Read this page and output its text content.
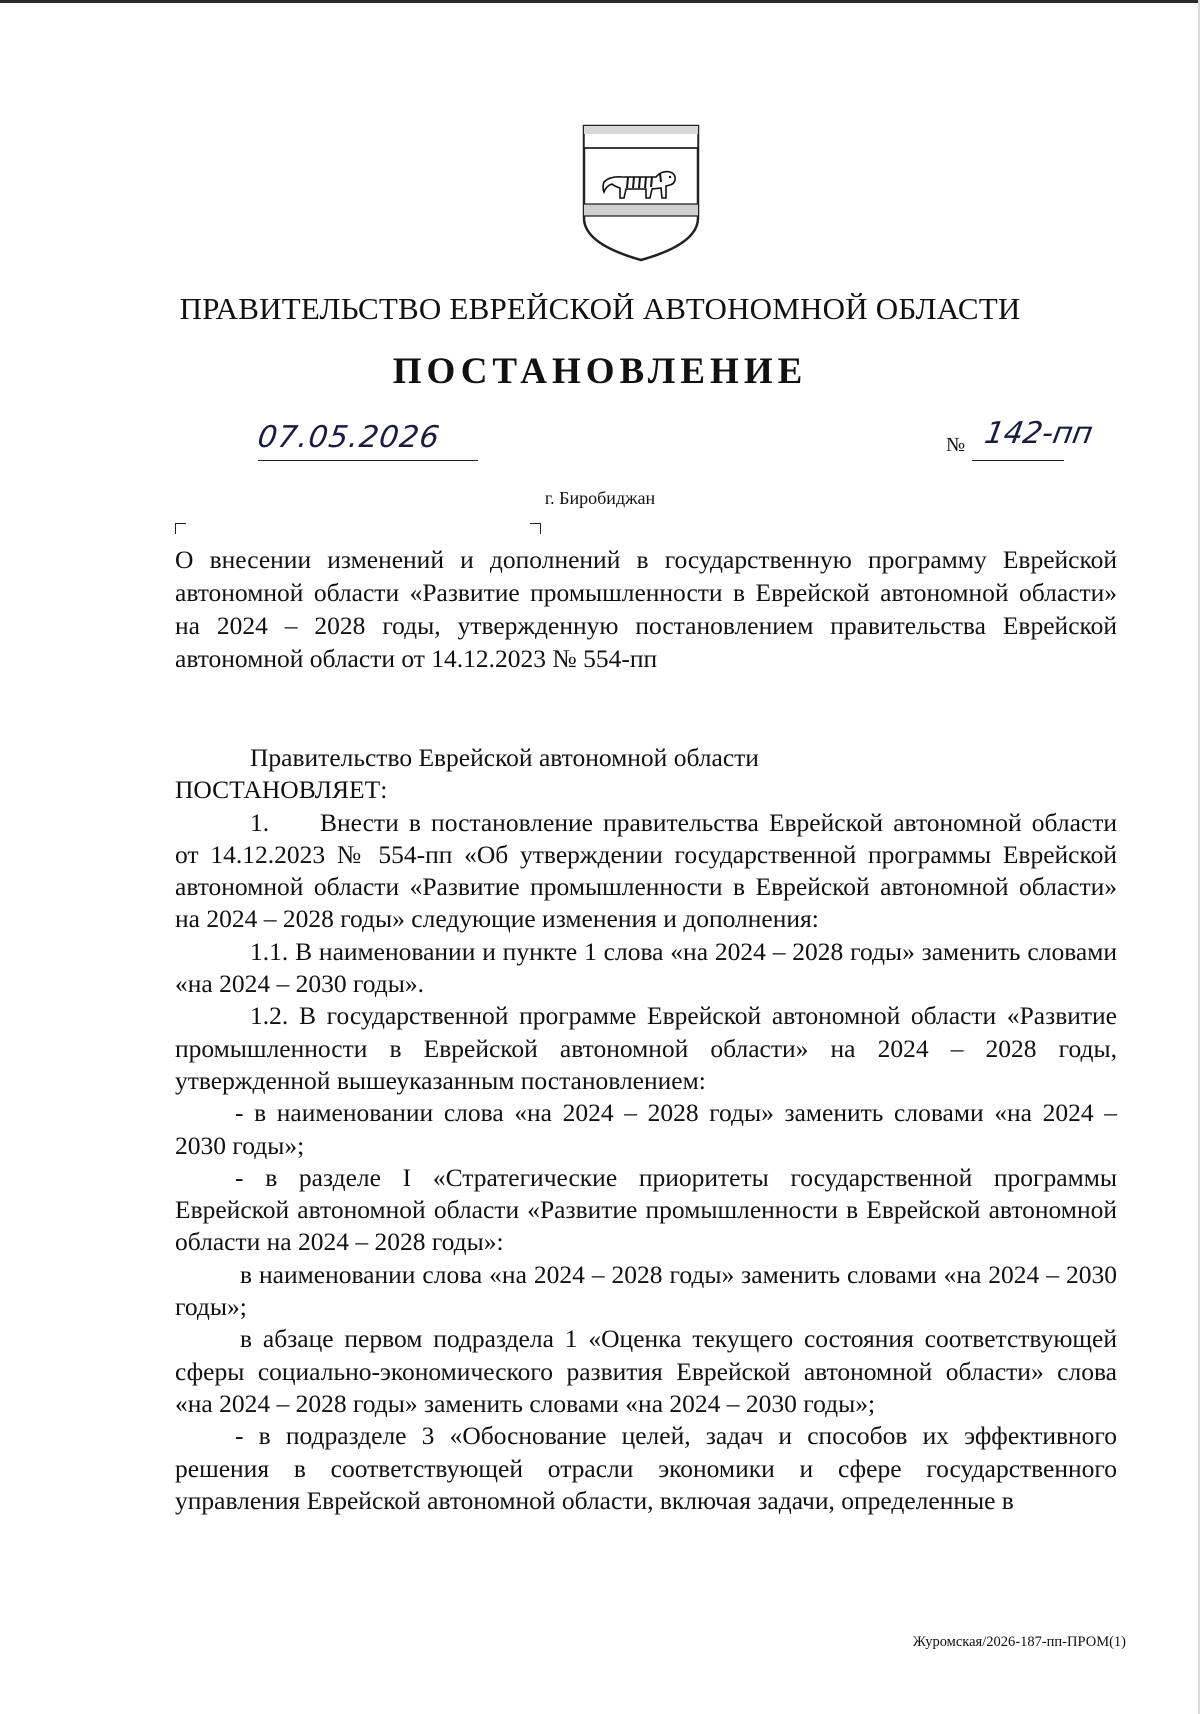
ПРАВИТЕЛЬСТВО ЕВРЕЙСКОЙ АВТОНОМНОЙ ОБЛАСТИ
ПОСТАНОВЛЕНИЕ
07.05.2026	№ 142-пп
г. Биробиджан
О внесении изменений и дополнений в государственную программу Еврейской автономной области «Развитие промышленности в Еврейской автономной области» на 2024 – 2028 годы, утвержденную постановлением правительства Еврейской автономной области от 14.12.2023 № 554-пп

Правительство Еврейской автономной области

ПОСТАНОВЛЯЕТ:

1. Внести в постановление правительства Еврейской автономной области от 14.12.2023 № 554-пп «Об утверждении государственной программы Еврейской автономной области «Развитие промышленности в Еврейской автономной области» на 2024 – 2028 годы» следующие изменения и дополнения:

1.1. В наименовании и пункте 1 слова «на 2024 – 2028 годы» заменить словами «на 2024 – 2030 годы».

1.2. В государственной программе Еврейской автономной области «Развитие промышленности в Еврейской автономной области» на 2024 – 2028 годы, утвержденной вышеуказанным постановлением:

- в наименовании слова «на 2024 – 2028 годы» заменить словами «на 2024 – 2030 годы»;

- в разделе I «Стратегические приоритеты государственной программы Еврейской автономной области «Развитие промышленности в Еврейской автономной области на 2024 – 2028 годы»:

в наименовании слова «на 2024 – 2028 годы» заменить словами «на 2024 – 2030 годы»;

в абзаце первом подраздела 1 «Оценка текущего состояния соответствующей сферы социально-экономического развития Еврейской автономной области» слова «на 2024 – 2028 годы» заменить словами «на 2024 – 2030 годы»;

- в подразделе 3 «Обоснование целей, задач и способов их эффективного решения в соответствующей отрасли экономики и сфере государственного управления Еврейской автономной области, включая задачи, определенные в

Журомская/2026-187-пп-ПРОМ(1)
